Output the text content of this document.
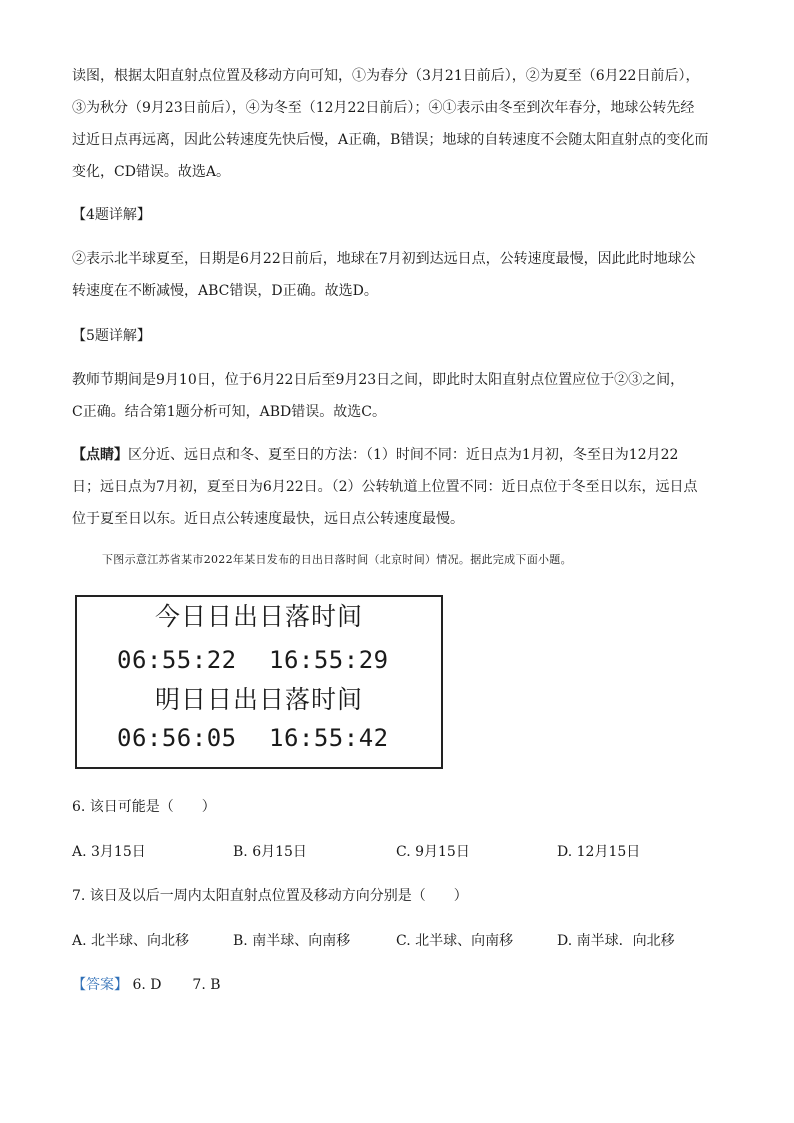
读图，根据太阳直射点位置及移动方向可知，①为春分（3月21日前后），②为夏至（6月22日前后），
③为秋分（9月23日前后），④为冬至（12月22日前后）；④①表示由冬至到次年春分，地球公转先经
过近日点再远离，因此公转速度先快后慢，A正确，B错误；地球的自转速度不会随太阳直射点的变化而
变化，CD错误。故选A。

【4题详解】

②表示北半球夏至，日期是6月22日前后，地球在7月初到达远日点，公转速度最慢，因此此时地球公
转速度在不断减慢，ABC错误，D正确。故选D。

【5题详解】

教师节期间是9月10日，位于6月22日后至9月23日之间，即此时太阳直射点位置应位于②③之间，
C正确。结合第1题分析可知，ABD错误。故选C。

【点睛】区分近、远日点和冬、夏至日的方法：（1）时间不同：近日点为1月初，冬至日为12月22
日；远日点为7月初，夏至日为6月22日。（2）公转轨道上位置不同：近日点位于冬至日以东，远日点
位于夏至日以东。近日点公转速度最快，远日点公转速度最慢。

下图示意江苏省某市2022年某日发布的日出日落时间（北京时间）情况。据此完成下面小题。
今日日出日落时间
06:55:22 16:55:29
明日日出日落时间
06:56:05 16:55:42
6. 该日可能是（　　）
A. 3月15日	B. 6月15日	C. 9月15日	D. 12月15日
7. 该日及以后一周内太阳直射点位置及移动方向分别是（　　）
A. 北半球、向北移	B. 南半球、向南移	C. 北半球、向南移	D. 南半球．向北移
【答案】 6. D 7. B
